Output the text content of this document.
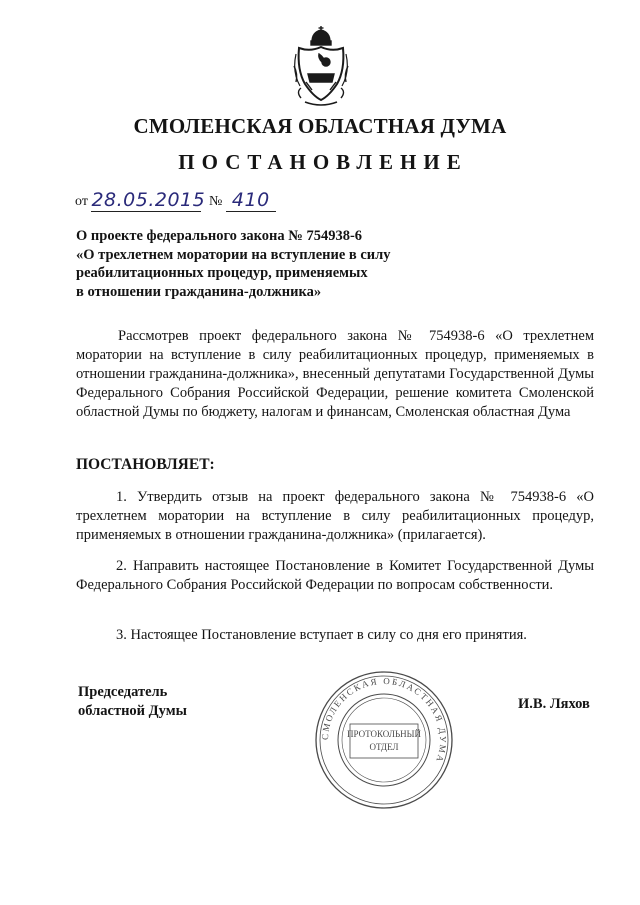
СМОЛЕНСКАЯ ОБЛАСТНАЯ ДУМА
ПОСТАНОВЛЕНИЕ
от 28.05.2015 № 410
О проекте федерального закона № 754938-6
«О трехлетнем моратории на вступление в силу
реабилитационных процедур, применяемых
в отношении гражданина-должника»
Рассмотрев проект федерального закона № 754938-6 «О трехлетнем моратории на вступление в силу реабилитационных процедур, применяемых в отношении гражданина-должника», внесенный депутатами Государственной Думы Федерального Собрания Российской Федерации, решение комитета Смоленской областной Думы по бюджету, налогам и финансам, Смоленская областная Дума
ПОСТАНОВЛЯЕТ:
1. Утвердить отзыв на проект федерального закона № 754938-6 «О трехлетнем моратории на вступление в силу реабилитационных процедур, применяемых в отношении гражданина-должника» (прилагается).
2. Направить настоящее Постановление в Комитет Государственной Думы Федерального Собрания Российской Федерации по вопросам собственности.
3. Настоящее Постановление вступает в силу со дня его принятия.
Председатель
областной Думы
СМОЛЕНСКАЯ ОБЛАСТНАЯ ДУМА
ПРОТОКОЛЬНЫЙ
ОТДЕЛ
И.В. Ляхов
